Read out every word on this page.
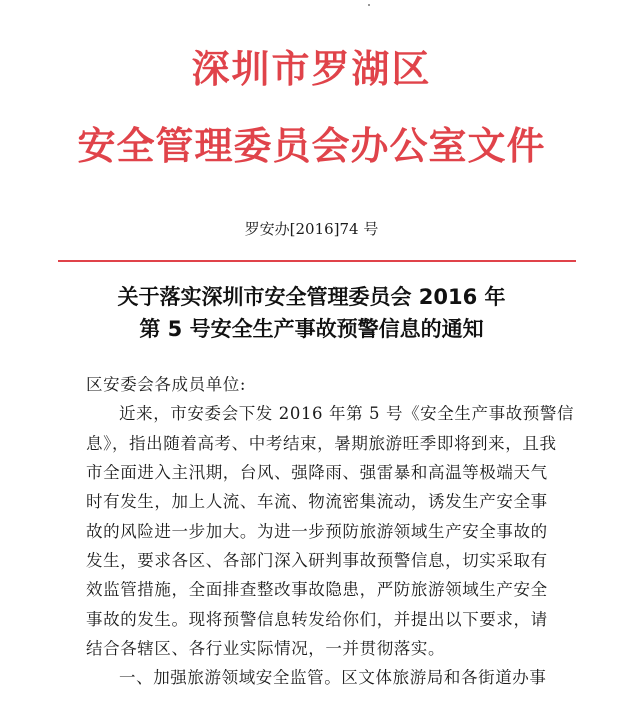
深圳市罗湖区
安全管理委员会办公室文件
罗安办[2016]74 号
关于落实深圳市安全管理委员会 2016 年
第 5 号安全生产事故预警信息的通知
区安委会各成员单位:
近来，市安委会下发 2016 年第 5 号《安全生产事故预警信
息》，指出随着高考、中考结束，暑期旅游旺季即将到来，且我
市全面进入主汛期，台风、强降雨、强雷暴和高温等极端天气
时有发生，加上人流、车流、物流密集流动，诱发生产安全事
故的风险进一步加大。为进一步预防旅游领域生产安全事故的
发生，要求各区、各部门深入研判事故预警信息，切实采取有
效监管措施，全面排查整改事故隐患，严防旅游领域生产安全
事故的发生。现将预警信息转发给你们，并提出以下要求，请
结合各辖区、各行业实际情况，一并贯彻落实。
一、加强旅游领域安全监管。区文体旅游局和各街道办事
